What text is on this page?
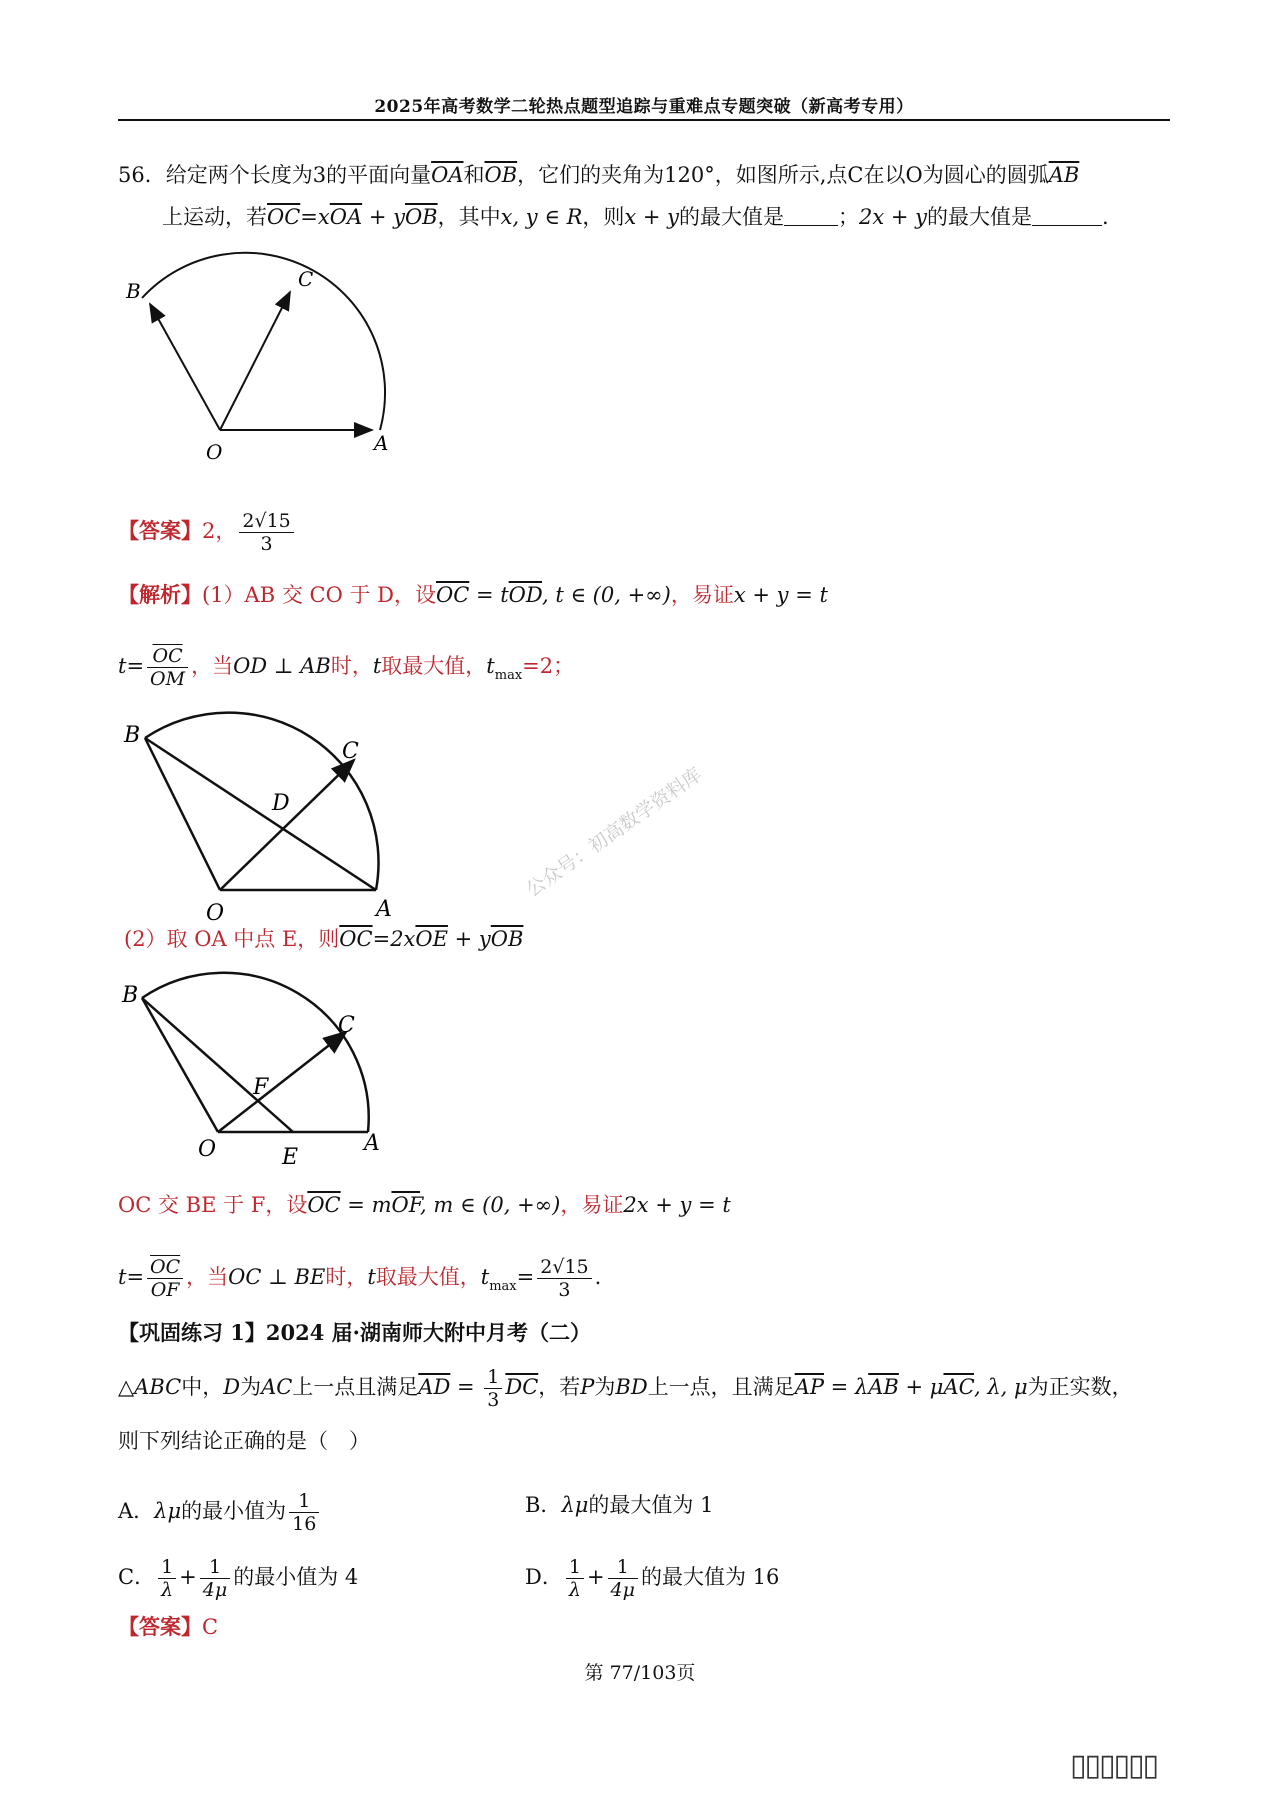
2025年高考数学二轮热点题型追踪与重难点专题突破（新高考专用）
56．给定两个长度为3的平面向量$\overline{OA}$和$\overline{OB}$，它们的夹角为120°，如图所示,点C在以O为圆心的圆弧$\overline{AB}$
上运动，若$\overline{OC}=x\overline{OA} + y\overline{OB}$，其中x, y ∈ R，则x + y的最大值是	；2x + y的最大值是	.
B	C
O	A
【答案】2， $\frac{2√15}{3}$
【解析】(1）AB 交 CO 于 D，设$\overline{OC} = t\overline{OD}$, t ∈ (0, +∞)，易证x + y = t
$t= \frac{\overline{OC}}{OM}$ ，当OD ⊥ AB时，t取最大值，$t_{max}=2$；
B
C
D
O	A
(2）取 OA 中点 E，则$\overline{OC}=2x\overline{OE} + y\overline{OB}$
公众号：初高数学资料库
B
C
F
O	E
A
OC 交 BE 于 F，设$\overline{OC} = m\overline{OF}$, m ∈ (0, +∞)，易证2x + y = t
$t= \frac{\overline{OC}}{OF}$ ，当OC ⊥ BE时，t取最大值，$t_{max}= \frac{2√15}{3}$ .
【巩固练习 1】2024 届·湖南师大附中月考（二）
△ABC中，D为AC上一点且满足$\overline{AD} = \frac{1}{3} \overline{DC}$，若P为BD上一点，且满足$\overline{AP} = \lambda\overline{AB} + \mu\overline{AC}$, λ, μ为正实数，
则下列结论正确的是（　）
A．λμ的最小值为 $\frac{1}{16}$	B．λμ的最大值为 1
C． $\frac{1}{\lambda} + \frac{1}{4\mu}$ 的最小值为 4	D． $\frac{1}{\lambda} + \frac{1}{4\mu}$ 的最大值为 16
【答案】C
第 77/103页
▯▯▯▯▯▯
